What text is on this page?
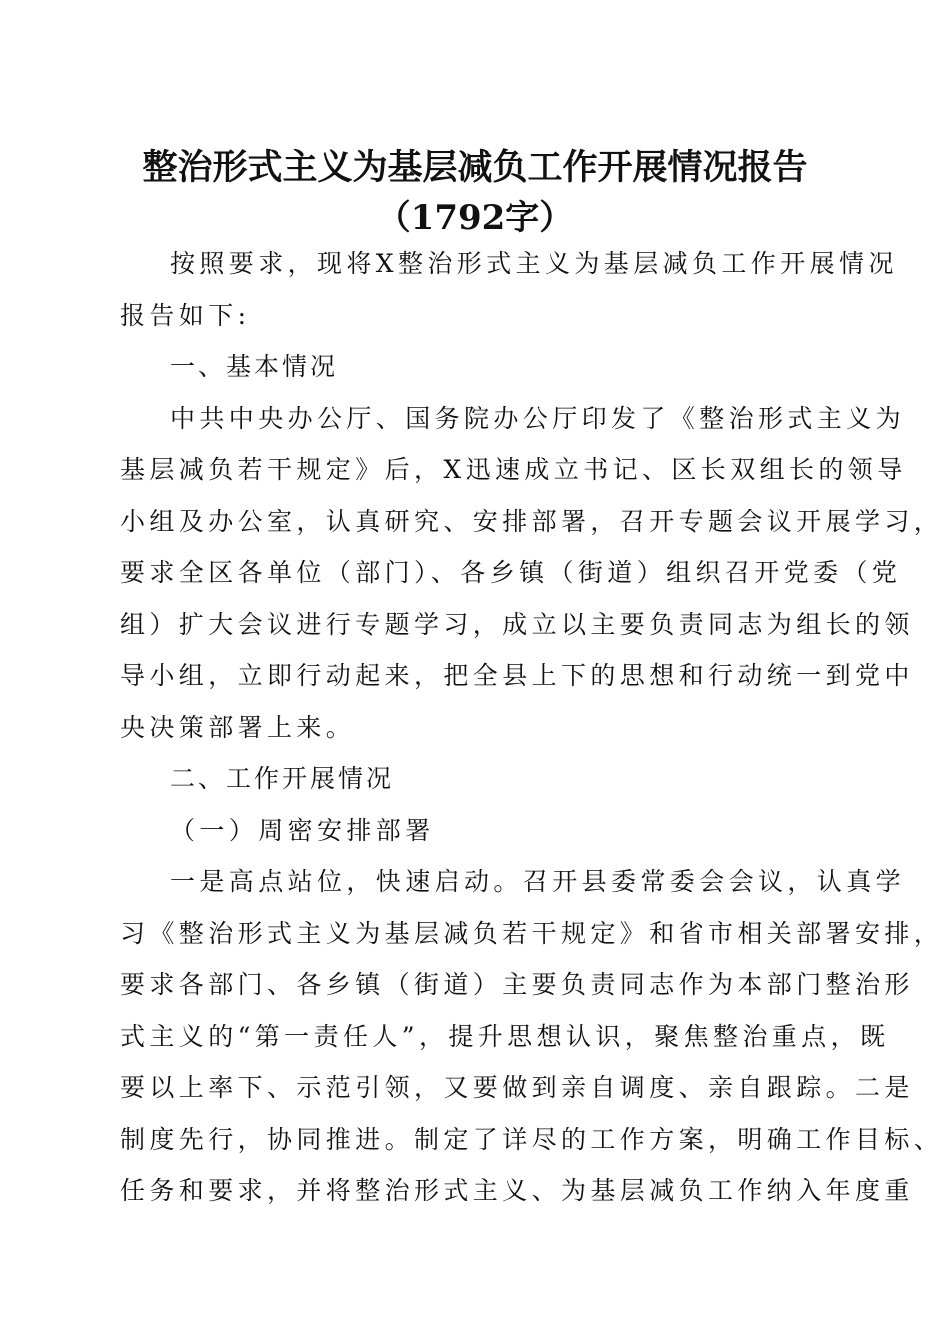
整治形式主义为基层减负工作开展情况报告
（1792字）
按照要求，现将X整治形式主义为基层减负工作开展情况
报告如下:
一、基本情况
中共中央办公厅、国务院办公厅印发了《整治形式主义为
基层减负若干规定》后，X迅速成立书记、区长双组长的领导
小组及办公室，认真研究、安排部署，召开专题会议开展学习，
要求全区各单位（部门）、各乡镇（街道）组织召开党委（党
组）扩大会议进行专题学习，成立以主要负责同志为组长的领
导小组，立即行动起来，把全县上下的思想和行动统一到党中
央决策部署上来。
二、工作开展情况
（一）周密安排部署
一是高点站位，快速启动。召开县委常委会会议，认真学
习《整治形式主义为基层减负若干规定》和省市相关部署安排，
要求各部门、各乡镇（街道）主要负责同志作为本部门整治形
式主义的“第一责任人”，提升思想认识，聚焦整治重点，既
要以上率下、示范引领，又要做到亲自调度、亲自跟踪。二是
制度先行，协同推进。制定了详尽的工作方案，明确工作目标、
任务和要求，并将整治形式主义、为基层减负工作纳入年度重
